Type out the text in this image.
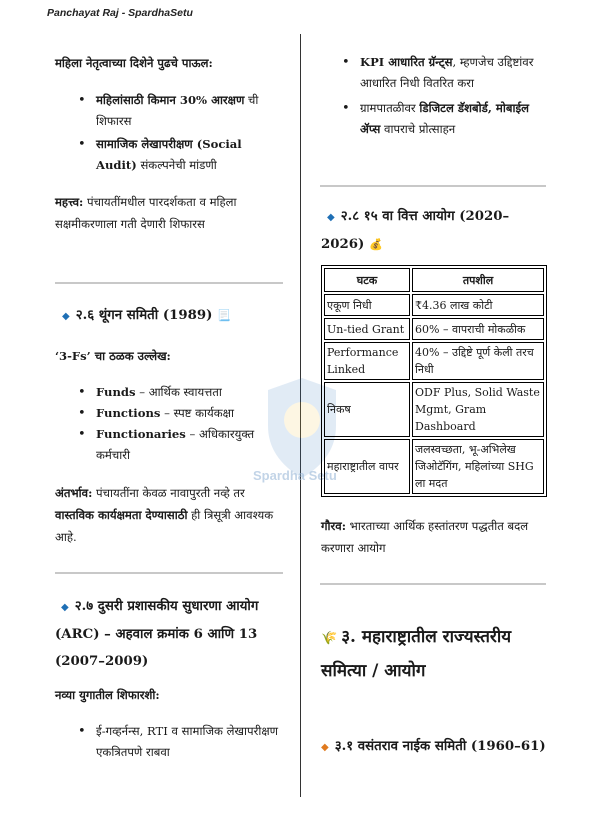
Panchayat Raj - SpardhaSetu
Spardha Setu

महिला नेतृत्वाच्या दिशेने पुढचे पाऊल:

• महिलांसाठी किमान 30% आरक्षण ची शिफारस
• सामाजिक लेखापरीक्षण (Social Audit) संकल्पनेची मांडणी

महत्त्व: पंचायतींमधील पारदर्शकता व महिला सक्षमीकरणाला गती देणारी शिफारस

◆ २.६ थूंगन समिती (1989) 📃

‘3-Fs’ चा ठळक उल्लेख:

• Funds – आर्थिक स्वायत्तता
• Functions – स्पष्ट कार्यकक्षा
• Functionaries – अधिकारयुक्त कर्मचारी

अंतर्भाव: पंचायतींना केवळ नावापुरती नव्हे तर वास्तविक कार्यक्षमता देण्यासाठी ही त्रिसूत्री आवश्यक आहे.

◆ २.७ दुसरी प्रशासकीय सुधारणा आयोग (ARC) – अहवाल क्रमांक 6 आणि 13 (2007–2009)

नव्या युगातील शिफारशी:

• ई-गव्हर्नन्स, RTI व सामाजिक लेखापरीक्षण एकत्रितपणे राबवा
• KPI आधारित ग्रॅन्ट्स, म्हणजेच उद्दिष्टांवर आधारित निधी वितरित करा
• ग्रामपातळीवर डिजिटल डॅशबोर्ड, मोबाईल ॲप्स वापराचे प्रोत्साहन

◆ २.८ १५ वा वित्त आयोग (2020–2026) 💰

घटक	तपशील
एकूण निधी	₹4.36 लाख कोटी
Un-tied Grant	60% – वापराची मोकळीक
Performance Linked	40% – उद्दिष्टे पूर्ण केली तरच निधी
निकष	ODF Plus, Solid Waste Mgmt, Gram Dashboard
महाराष्ट्रातील वापर	जलस्वच्छता, भू-अभिलेख जिओटॅगिंग, महिलांच्या SHG ला मदत

गौरव: भारताच्या आर्थिक हस्तांतरण पद्धतीत बदल करणारा आयोग

🌾 ३. महाराष्ट्रातील राज्यस्तरीय समित्या / आयोग

◆ ३.१ वसंतराव नाईक समिती (1960–61)
